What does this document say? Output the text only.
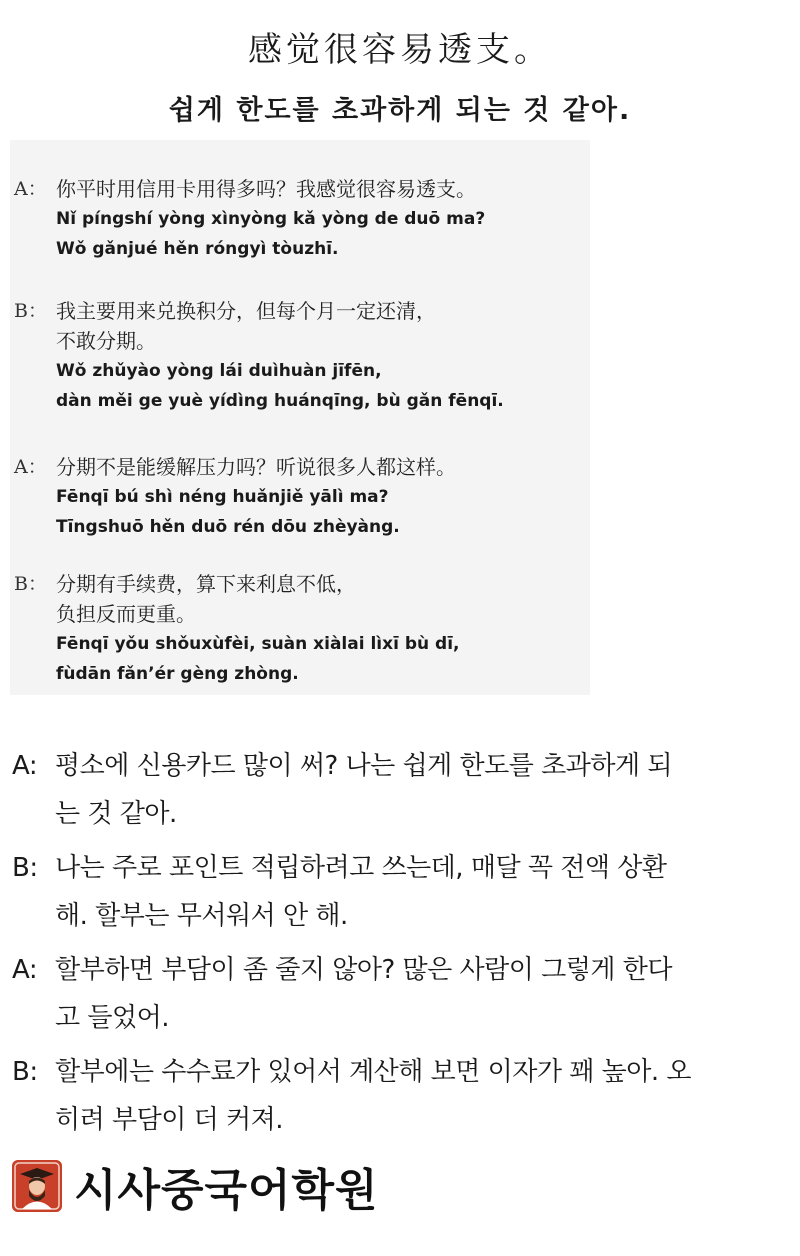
感觉很容易透支。
쉽게 한도를 초과하게 되는 것 같아.
A： 你平时用信用卡用得多吗？我感觉很容易透支。
Nǐ píngshí yòng xìnyòng kǎ yòng de duō ma?
Wǒ gǎnjué hěn róngyì tòuzhī.
B： 我主要用来兑换积分，但每个月一定还清，
不敢分期。
Wǒ zhǔyào yòng lái duìhuàn jīfēn,
dàn měi ge yuè yídìng huánqīng, bù gǎn fēnqī.
A： 分期不是能缓解压力吗？听说很多人都这样。
Fēnqī bú shì néng huǎnjiě yālì ma?
Tīngshuō hěn duō rén dōu zhèyàng.
B： 分期有手续费，算下来利息不低，
负担反而更重。
Fēnqī yǒu shǒuxùfèi, suàn xiàlai lìxī bù dī,
fùdān fǎn’ér gèng zhòng.
A: 평소에 신용카드 많이 써? 나는 쉽게 한도를 초과하게 되
는 것 같아.
B: 나는 주로 포인트 적립하려고 쓰는데, 매달 꼭 전액 상환
해. 할부는 무서워서 안 해.
A: 할부하면 부담이 좀 줄지 않아? 많은 사람이 그렇게 한다
고 들었어.
B: 할부에는 수수료가 있어서 계산해 보면 이자가 꽤 높아. 오
히려 부담이 더 커져.
시사중국어학원
